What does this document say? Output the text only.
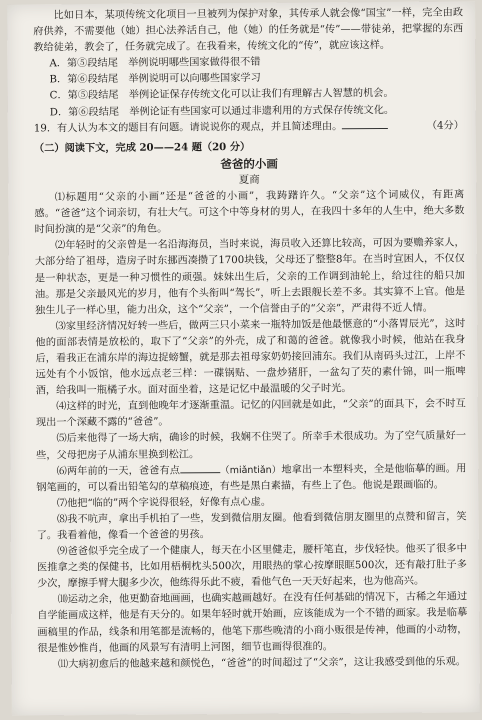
比如日本，某项传统文化项目一旦被列为保护对象，其传承人就会像“国宝”一样，完全由政府供养，不需要他（她）担心法养活自己，他（她）的任务就是“传”——带徒弟，把掌握的东西教给徒弟，教会了，任务就完成了。在我看来，传统文化的“传”，就应该这样。

A．第⑤段结尾　举例说明哪些国家做得很不错

B．第⑥段结尾　举例说明可以向哪些国家学习

C．第⑤段结尾　举例论证保存传统文化可以让我们有理解古人智慧的机会。

D．第⑥段结尾　举例论证有些国家可以通过非遗利用的方式保存传统文化。

19．有人认为本文的题目有问题。请说说你的观点，并且简述理由。	（4分）

（二）阅读下文，完成 20——24 题（20 分）

爸爸的小画

夏商

⑴标题用“父亲的小画”还是“爸爸的小画”，我踌躇许久。“父亲”这个词威仪，有距离感。“爸爸”这个词亲切，有壮大气。可这个中等身材的男人，在我四十多年的人生中，绝大多数时间扮演的是“父亲”的角色。

⑵年轻时的父亲曾是一名沿海海员，当时来说，海员收入还算比较高，可因为要赡养家人，大部分给了祖母，造房子时东挪西凑攒了1700块钱，父母还了整整8年。在当时宣困人，不仅仅是一种状态，更是一种习惯性的顽强。妹妹出生后，父亲的工作调到油轮上，给过往的船只加油。那是父亲最风光的岁月，他有个头衔叫“驾长”，听上去跟舰长差不多。其实算不上官。他是独生儿子一样心里，能力出众，这个“父亲”，一个信誉由子的“父亲”，严肃得不近人情。

⑶家里经济情况好转一些后，做两三只小菜来一瓶特加饭是他最惬意的“小落胃辰光”，这时他的面部表情是放松的，取下了“父亲”的外壳，成了和蔼的爸爸。就像我小时候，他站在我身后，看我正在浦东岸的海边捉螃蟹，就是那去祖母家奶奶接回浦东。我们从南码头过江，上岸不远处有个小饭馆，他水远点老三样：一碟锅贴、一盘炒猪肝，一盆勾了芡的素什锦，叫一瓶啤酒，给我叫一瓶橘子水。面对面坐着，这是记忆中最温暖的父子时光。

⑷这样的时光，直到他晚年才逐渐重温。记忆的闪回就是如此，“父亲”的面具下，会不时互现出一个深藏不露的“爸爸”。

⑸后来他得了一场大病，确诊的时候，我娴不住哭了。所幸手术很成功。为了空气质量好一些，父母把房子从浦东里换到松江。

⑹两年前的一天，爸爸有点	（miǎntiǎn）地拿出一本塑料夹，全是他临摹的画。用钢笔画的，可以看出铅笔勾的草稿痕迹，有些是黑白素描，有些上了色。他说是跟画临的。

⑺他把“临的”两个字说得很轻，好像有点心虚。

⑻我不吭声，拿出手机拍了一些，发到微信朋友圈。他看到微信朋友圈里的点赞和留言，笑了。我看着他，像看一个爸爸的男孩。

⑼爸爸似乎完全成了一个健康人，每天在小区里健走，腰杆笔直，步伐轻快。他买了很多中医推拿之类的保健书，比如用梧桐枕头500次，用眼热的掌心按摩眼眶500次，还有敲打肚子多少次，摩擦手臂大腿多少次，他练得乐此不疲，看他气色一天天好起来，也为他高兴。

⑽运动之余，他更勤奋地画画，也确实越画越好。在没有任何基础的情况下，古稀之年通过自学能画成这样，他是有天分的。如果年轻时就开始画，应该能成为一个不错的画家。我是临摹画稿里的作品，线条和用笔都是流畅的，他笔下那些晚清的小商小贩很是传神，他画的小动物，很是惟妙惟肖，他画的风景写有清明上河图，细节也画得很准的。

⑾大病初愈后的他越来越和颜悦色，“爸爸”的时间超过了“父亲”，这让我感受到他的乐观。
